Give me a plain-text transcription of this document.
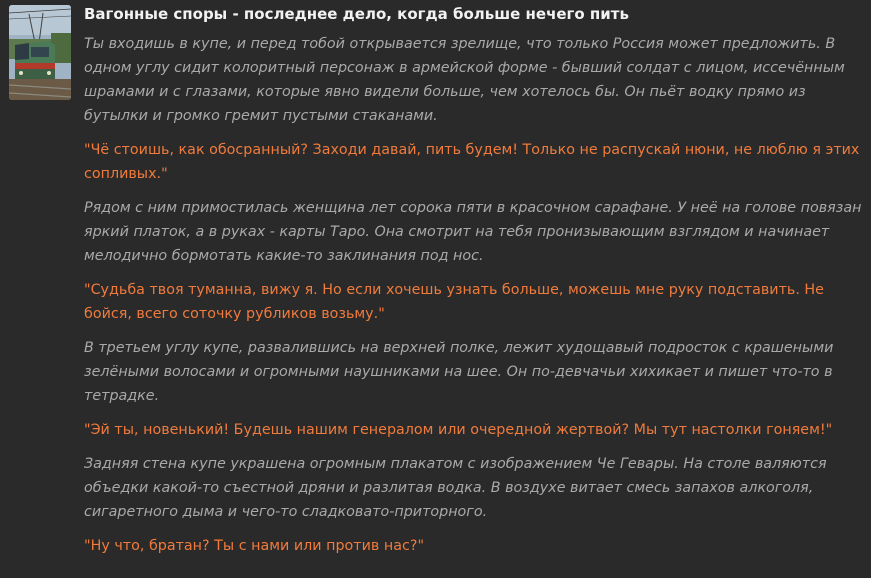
Вагонные споры - последнее дело, когда больше нечего пить

Ты входишь в купе, и перед тобой открывается зрелище, что только Россия может предложить. В одном углу сидит колоритный персонаж в армейской форме - бывший солдат с лицом, иссечённым шрамами и с глазами, которые явно видели больше, чем хотелось бы. Он пьёт водку прямо из бутылки и громко гремит пустыми стаканами.

"Чё стоишь, как обосранный? Заходи давай, пить будем! Только не распускай нюни, не люблю я этих сопливых."

Рядом с ним примостилась женщина лет сорока пяти в красочном сарафане. У неё на голове повязан яркий платок, а в руках - карты Таро. Она смотрит на тебя пронизывающим взглядом и начинает мелодично бормотать какие-то заклинания под нос.

"Судьба твоя туманна, вижу я. Но если хочешь узнать больше, можешь мне руку подставить. Не бойся, всего соточку рубликов возьму."

В третьем углу купе, развалившись на верхней полке, лежит худощавый подросток с крашеными зелёными волосами и огромными наушниками на шее. Он по-девчачьи хихикает и пишет что-то в тетрадке.

"Эй ты, новенький! Будешь нашим генералом или очередной жертвой? Мы тут настолки гоняем!"

Задняя стена купе украшена огромным плакатом с изображением Че Гевары. На столе валяются объедки какой-то съестной дряни и разлитая водка. В воздухе витает смесь запахов алкоголя, сигаретного дыма и чего-то сладковато-приторного.

"Ну что, братан? Ты с нами или против нас?"
